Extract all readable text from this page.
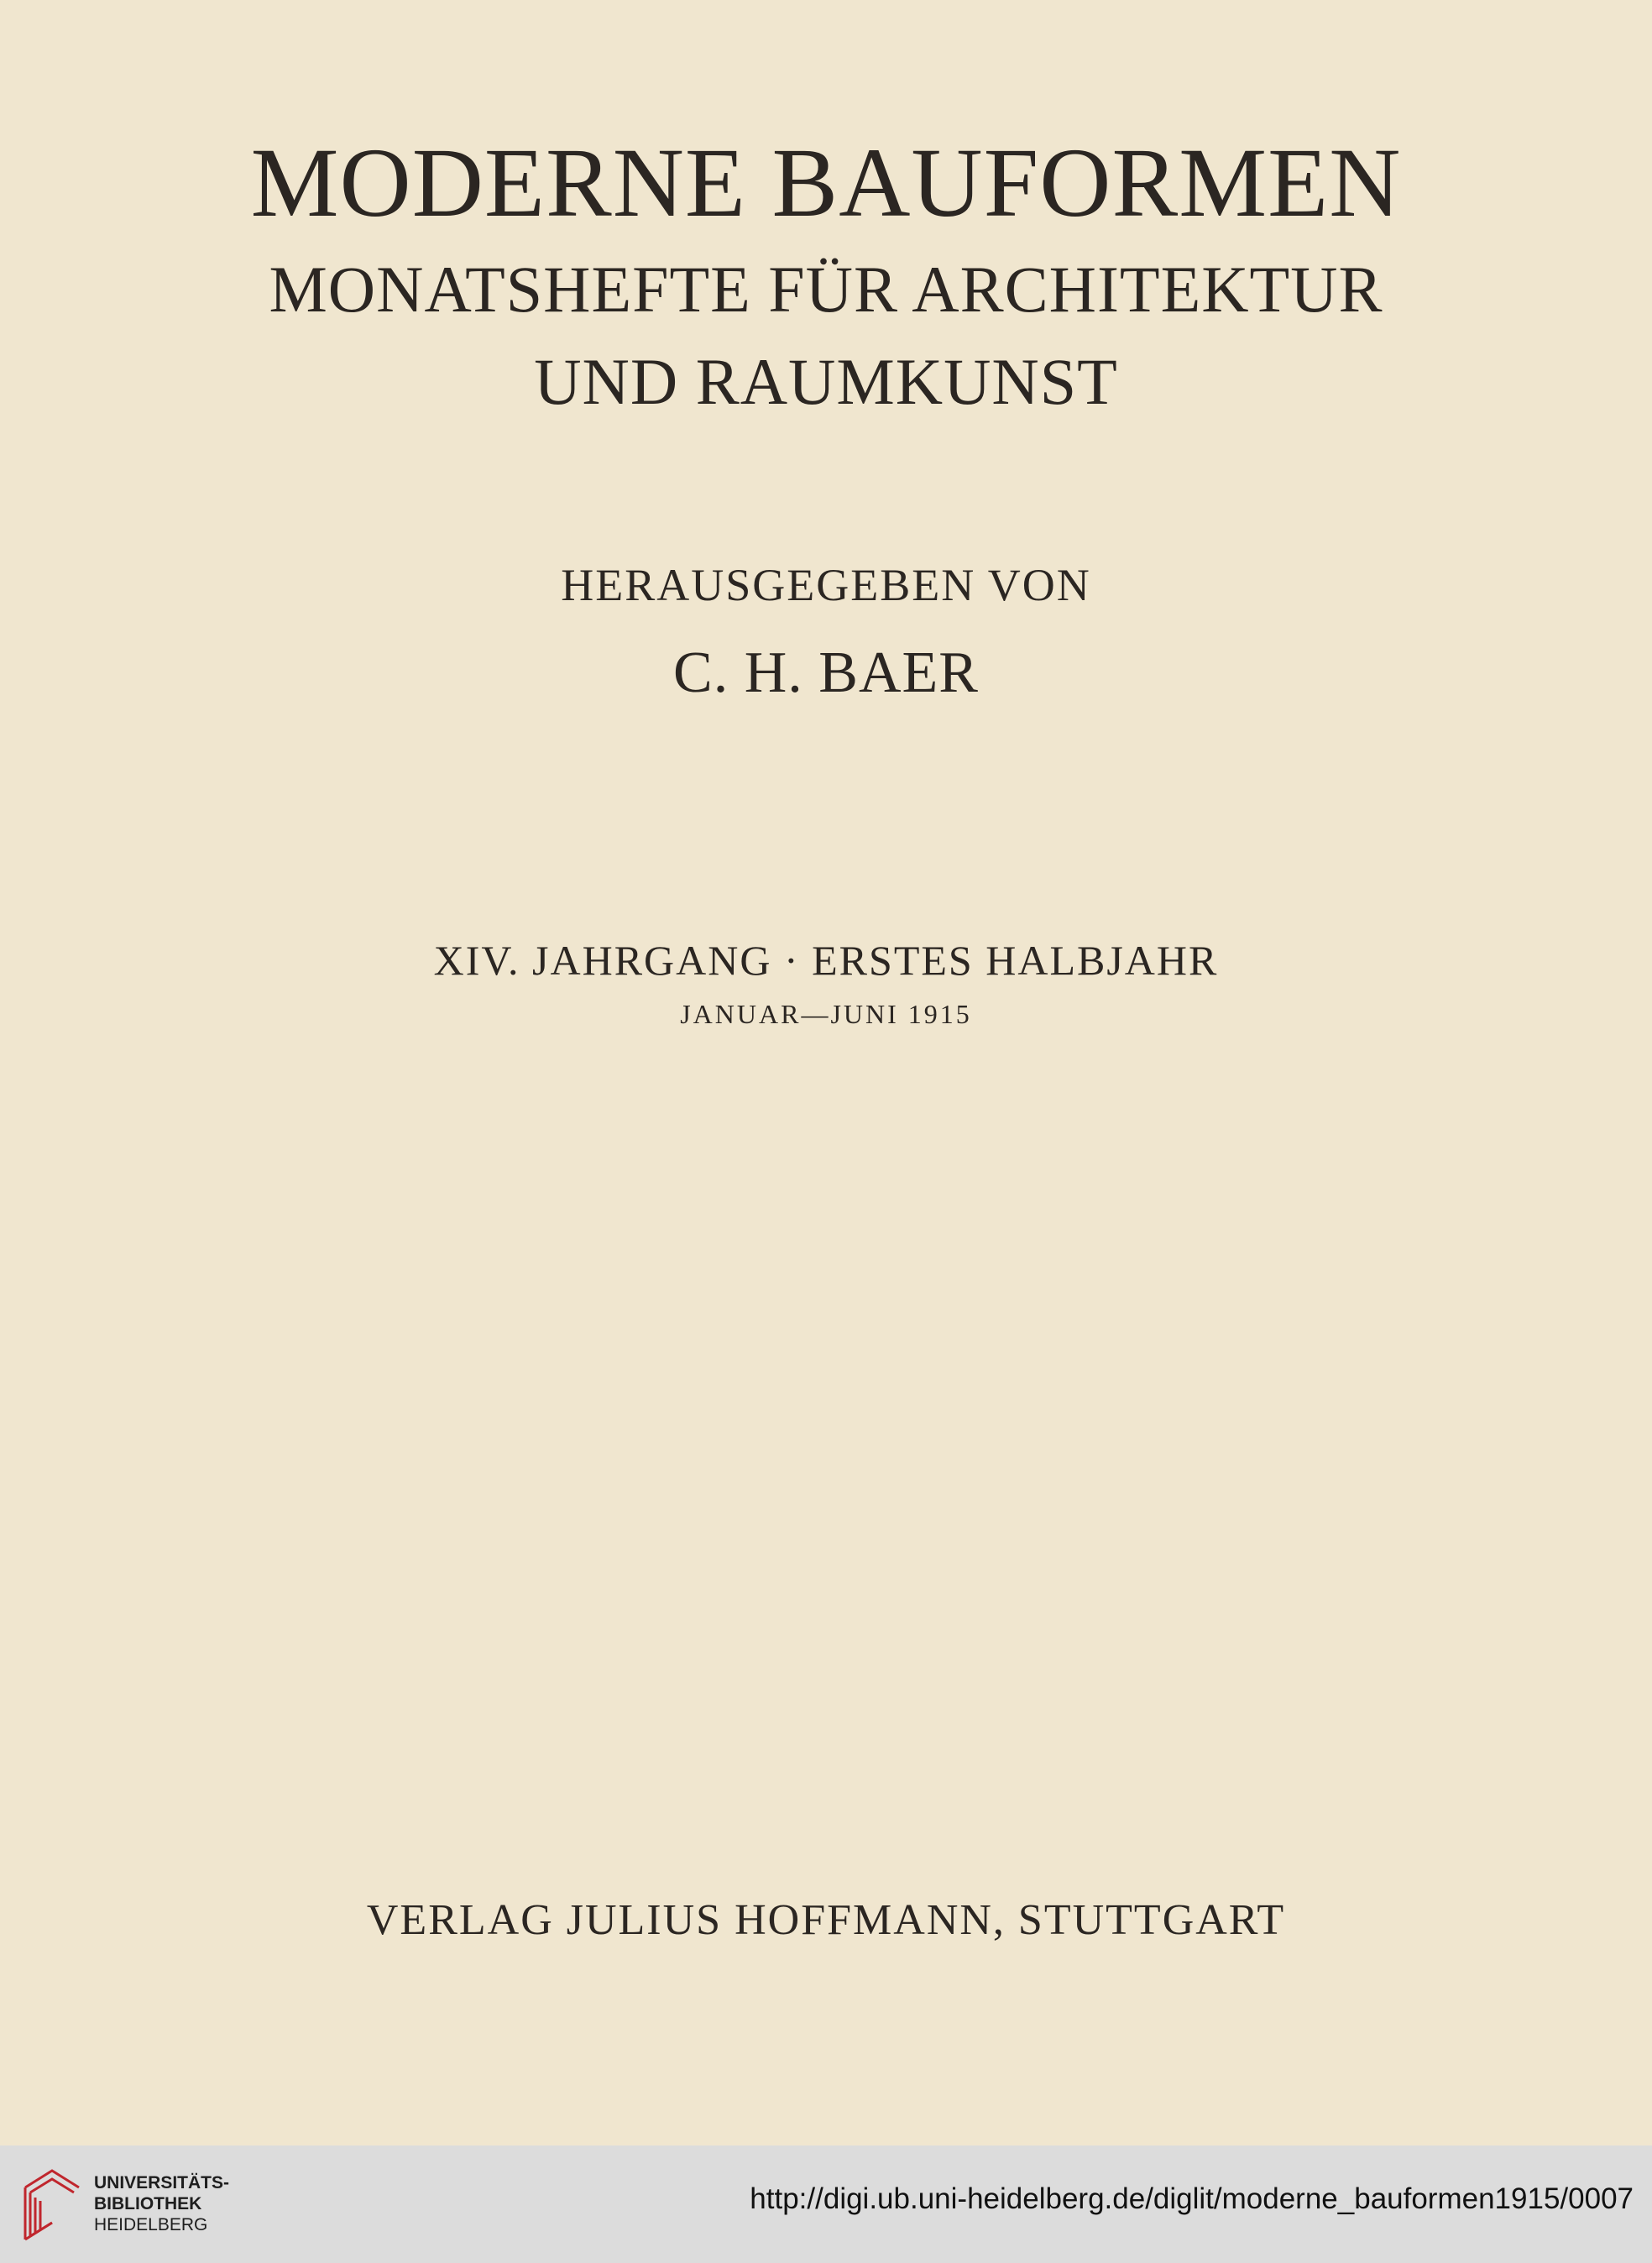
MODERNE BAUFORMEN
MONATSHEFTE FÜR ARCHITEKTUR
UND RAUMKUNST
HERAUSGEGEBEN VON
C. H. BAER
XIV. JAHRGANG · ERSTES HALBJAHR
JANUAR—JUNI 1915
VERLAG JULIUS HOFFMANN, STUTTGART
UNIVERSITÄTS-
BIBLIOTHEK
HEIDELBERG
http://digi.ub.uni-heidelberg.de/diglit/moderne_bauformen1915/0007
